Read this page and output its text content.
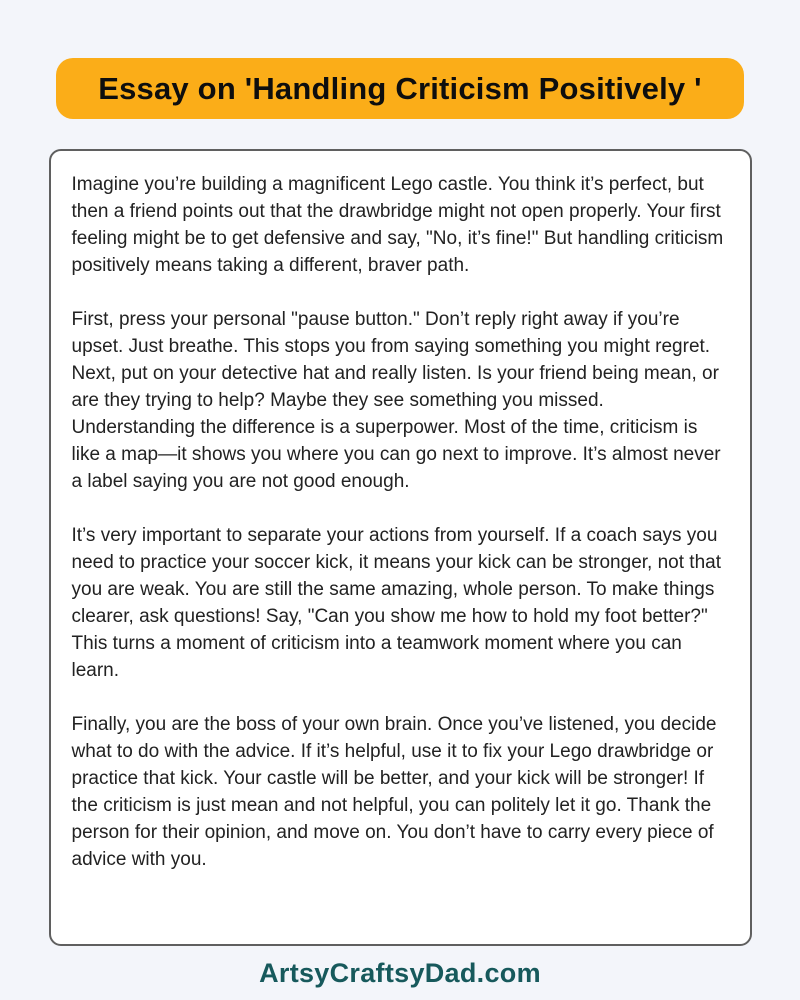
Essay on 'Handling Criticism Positively '

Imagine you’re building a magnificent Lego castle. You think it’s perfect, but then a friend points out that the drawbridge might not open properly. Your first feeling might be to get defensive and say, "No, it’s fine!" But handling criticism positively means taking a different, braver path.

First, press your personal "pause button." Don’t reply right away if you’re upset. Just breathe. This stops you from saying something you might regret. Next, put on your detective hat and really listen. Is your friend being mean, or are they trying to help? Maybe they see something you missed. Understanding the difference is a superpower. Most of the time, criticism is like a map—it shows you where you can go next to improve. It’s almost never a label saying you are not good enough.

It’s very important to separate your actions from yourself. If a coach says you need to practice your soccer kick, it means your kick can be stronger, not that you are weak. You are still the same amazing, whole person. To make things clearer, ask questions! Say, "Can you show me how to hold my foot better?" This turns a moment of criticism into a teamwork moment where you can learn.

Finally, you are the boss of your own brain. Once you’ve listened, you decide what to do with the advice. If it’s helpful, use it to fix your Lego drawbridge or practice that kick. Your castle will be better, and your kick will be stronger! If the criticism is just mean and not helpful, you can politely let it go. Thank the person for their opinion, and move on. You don’t have to carry every piece of advice with you.

ArtsyCraftsyDad.com
